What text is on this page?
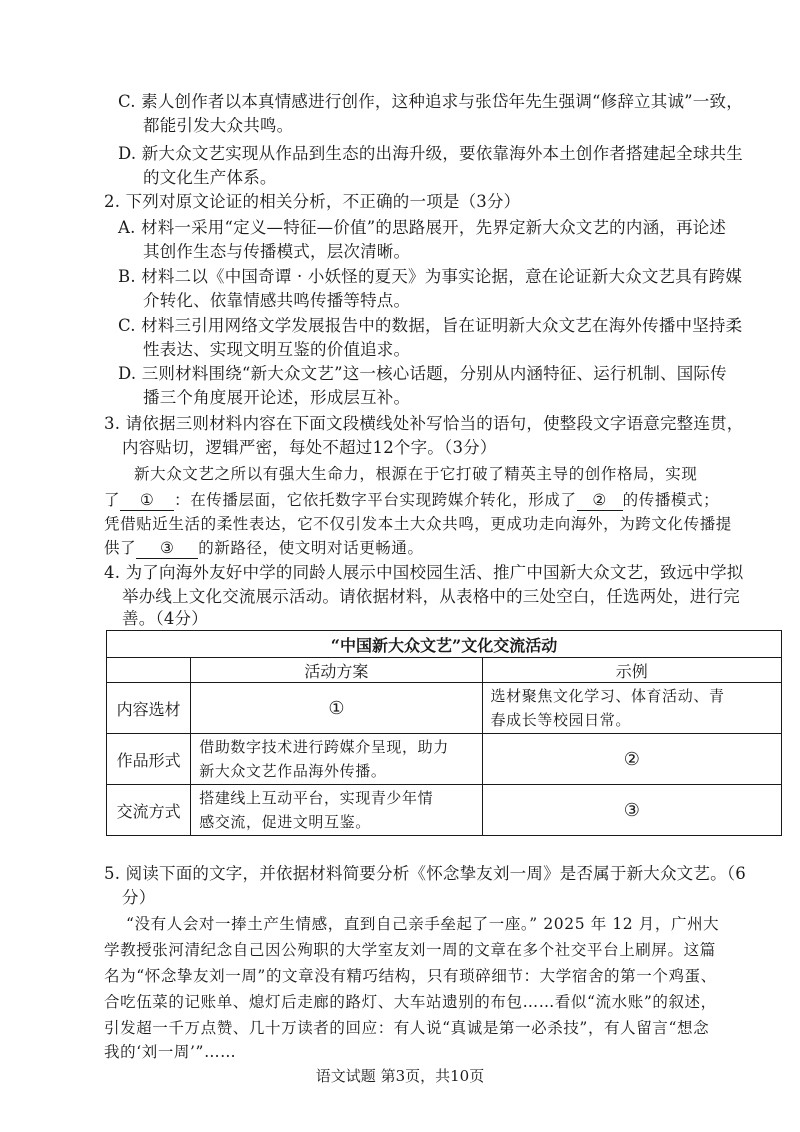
C. 素人创作者以本真情感进行创作，这种追求与张岱年先生强调“修辞立其诚”一致，
都能引发大众共鸣。
D. 新大众文艺实现从作品到生态的出海升级，要依靠海外本土创作者搭建起全球共生
的文化生产体系。
2. 下列对原文论证的相关分析，不正确的一项是（3分）
A. 材料一采用“定义—特征—价值”的思路展开，先界定新大众文艺的内涵，再论述
其创作生态与传播模式，层次清晰。
B. 材料二以《中国奇谭 · 小妖怪的夏天》为事实论据，意在论证新大众文艺具有跨媒
介转化、依靠情感共鸣传播等特点。
C. 材料三引用网络文学发展报告中的数据，旨在证明新大众文艺在海外传播中坚持柔
性表达、实现文明互鉴的价值追求。
D. 三则材料围绕“新大众文艺”这一核心话题，分别从内涵特征、运行机制、国际传
播三个角度展开论述，形成层互补。
3. 请依据三则材料内容在下面文段横线处补写恰当的语句，使整段文字语意完整连贯，
内容贴切，逻辑严密，每处不超过12个字。（3分）
新大众文艺之所以有强大生命力，根源在于它打破了精英主导的创作格局，实现
了 ① ：在传播层面，它依托数字平台实现跨媒介转化，形成了 ② 的传播模式；
凭借贴近生活的柔性表达，它不仅引发本土大众共鸣，更成功走向海外，为跨文化传播提
供了 ③ 的新路径，使文明对话更畅通。
4. 为了向海外友好中学的同龄人展示中国校园生活、推广中国新大众文艺，致远中学拟
举办线上文化交流展示活动。请依据材料，从表格中的三处空白，任选两处，进行完
善。（4分）
“中国新大众文艺”文化交流活动		
	活动方案	示例
内容选材	①	选材聚焦文化学习、体育活动、青
春成长等校园日常。

作品形式	借助数字技术进行跨媒介呈现，助力
新大众文艺作品海外传播。	②
交流方式	搭建线上互动平台，实现青少年情
感交流，促进文明互鉴。	③
5. 阅读下面的文字，并依据材料简要分析《怀念挚友刘一周》是否属于新大众文艺。（6
分）
“没有人会对一捧土产生情感，直到自己亲手垒起了一座。” 2025 年 12 月，广州大
学教授张河清纪念自己因公殉职的大学室友刘一周的文章在多个社交平台上刷屏。这篇
名为“怀念挚友刘一周”的文章没有精巧结构，只有琐碎细节：大学宿舍的第一个鸡蛋、
合吃伍菜的记账单、熄灯后走廊的路灯、大车站遗别的布包……看似“流水账”的叙述，
引发超一千万点赞、几十万读者的回应：有人说“真诚是第一必杀技”，有人留言“想念
我的‘刘一周’”……
语文试题 第3页，共10页
